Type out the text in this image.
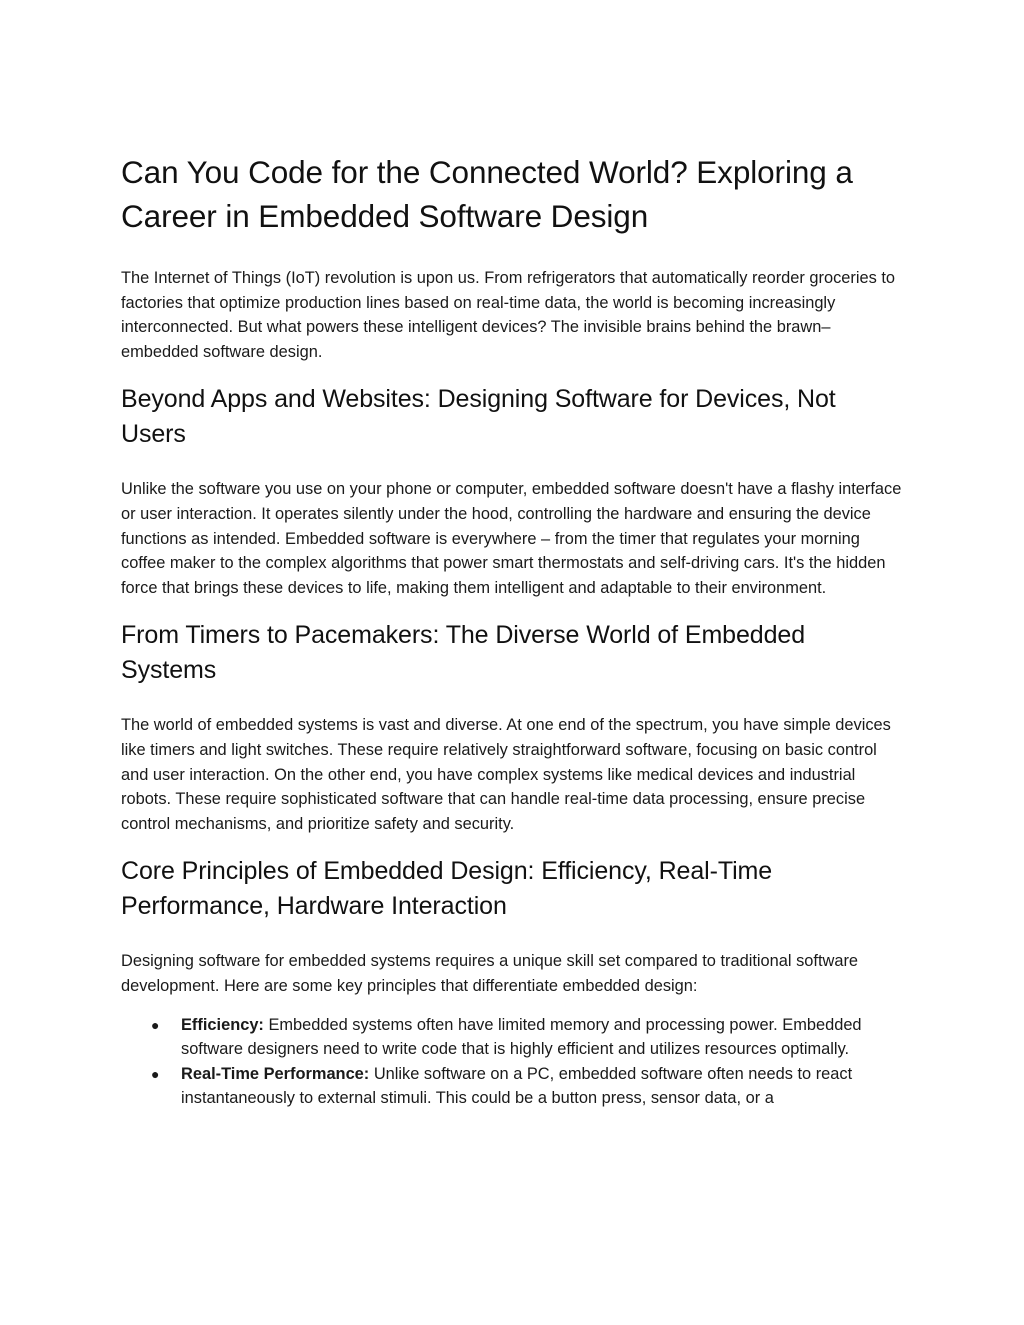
Can You Code for the Connected World? Exploring a Career in Embedded Software Design

The Internet of Things (IoT) revolution is upon us. From refrigerators that automatically reorder groceries to factories that optimize production lines based on real-time data, the world is becoming increasingly interconnected. But what powers these intelligent devices? The invisible brains behind the brawn–embedded software design.

Beyond Apps and Websites: Designing Software for Devices, Not Users

Unlike the software you use on your phone or computer, embedded software doesn't have a flashy interface or user interaction. It operates silently under the hood, controlling the hardware and ensuring the device functions as intended. Embedded software is everywhere – from the timer that regulates your morning coffee maker to the complex algorithms that power smart thermostats and self-driving cars. It's the hidden force that brings these devices to life, making them intelligent and adaptable to their environment.

From Timers to Pacemakers: The Diverse World of Embedded Systems

The world of embedded systems is vast and diverse. At one end of the spectrum, you have simple devices like timers and light switches. These require relatively straightforward software, focusing on basic control and user interaction. On the other end, you have complex systems like medical devices and industrial robots. These require sophisticated software that can handle real-time data processing, ensure precise control mechanisms, and prioritize safety and security.

Core Principles of Embedded Design: Efficiency, Real-Time Performance, Hardware Interaction

Designing software for embedded systems requires a unique skill set compared to traditional software development. Here are some key principles that differentiate embedded design:

● Efficiency: Embedded systems often have limited memory and processing power. Embedded software designers need to write code that is highly efficient and utilizes resources optimally.
● Real-Time Performance: Unlike software on a PC, embedded software often needs to react instantaneously to external stimuli. This could be a button press, sensor data, or a
